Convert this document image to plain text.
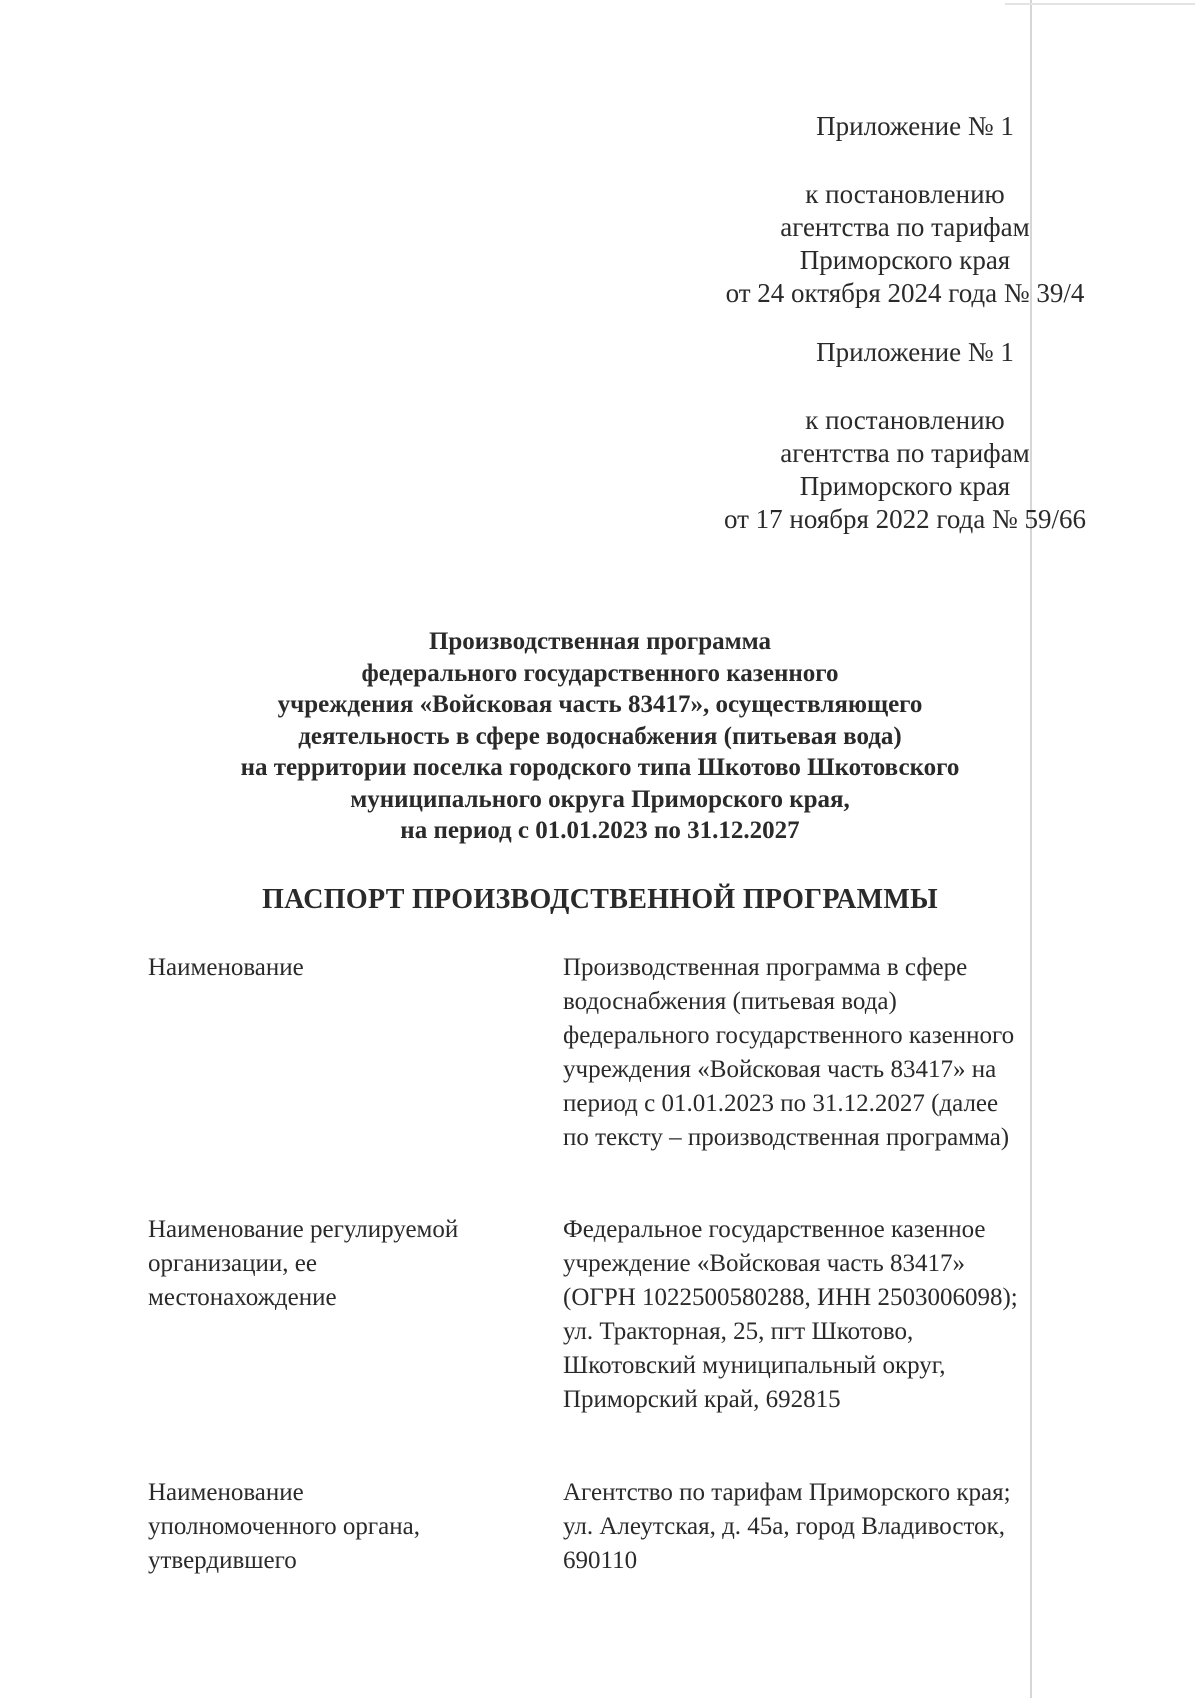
Приложение № 1
к постановлению
агентства по тарифам
Приморского края
от 24 октября 2024 года № 39/4
Приложение № 1
к постановлению
агентства по тарифам
Приморского края
от 17 ноября 2022 года № 59/66
Производственная программа
федерального государственного казенного
учреждения «Войсковая часть 83417», осуществляющего
деятельность в сфере водоснабжения (питьевая вода)
на территории поселка городского типа Шкотово Шкотовского
муниципального округа Приморского края,
на период с 01.01.2023 по 31.12.2027
ПАСПОРТ ПРОИЗВОДСТВЕННОЙ ПРОГРАММЫ
Наименование	Производственная программа в сфере
водоснабжения (питьевая вода)
федерального государственного казенного
учреждения «Войсковая часть 83417» на
период с 01.01.2023 по 31.12.2027 (далее
по тексту – производственная программа)
Наименование регулируемой
организации, ее
местонахождение
Федеральное государственное казенное
учреждение «Войсковая часть 83417»
(ОГРН 1022500580288, ИНН 2503006098);
ул. Тракторная, 25, пгт Шкотово,
Шкотовский муниципальный округ,
Приморский край, 692815
Наименование
уполномоченного органа,
утвердившего
Агентство по тарифам Приморского края;
ул. Алеутская, д. 45а, город Владивосток,
690110
